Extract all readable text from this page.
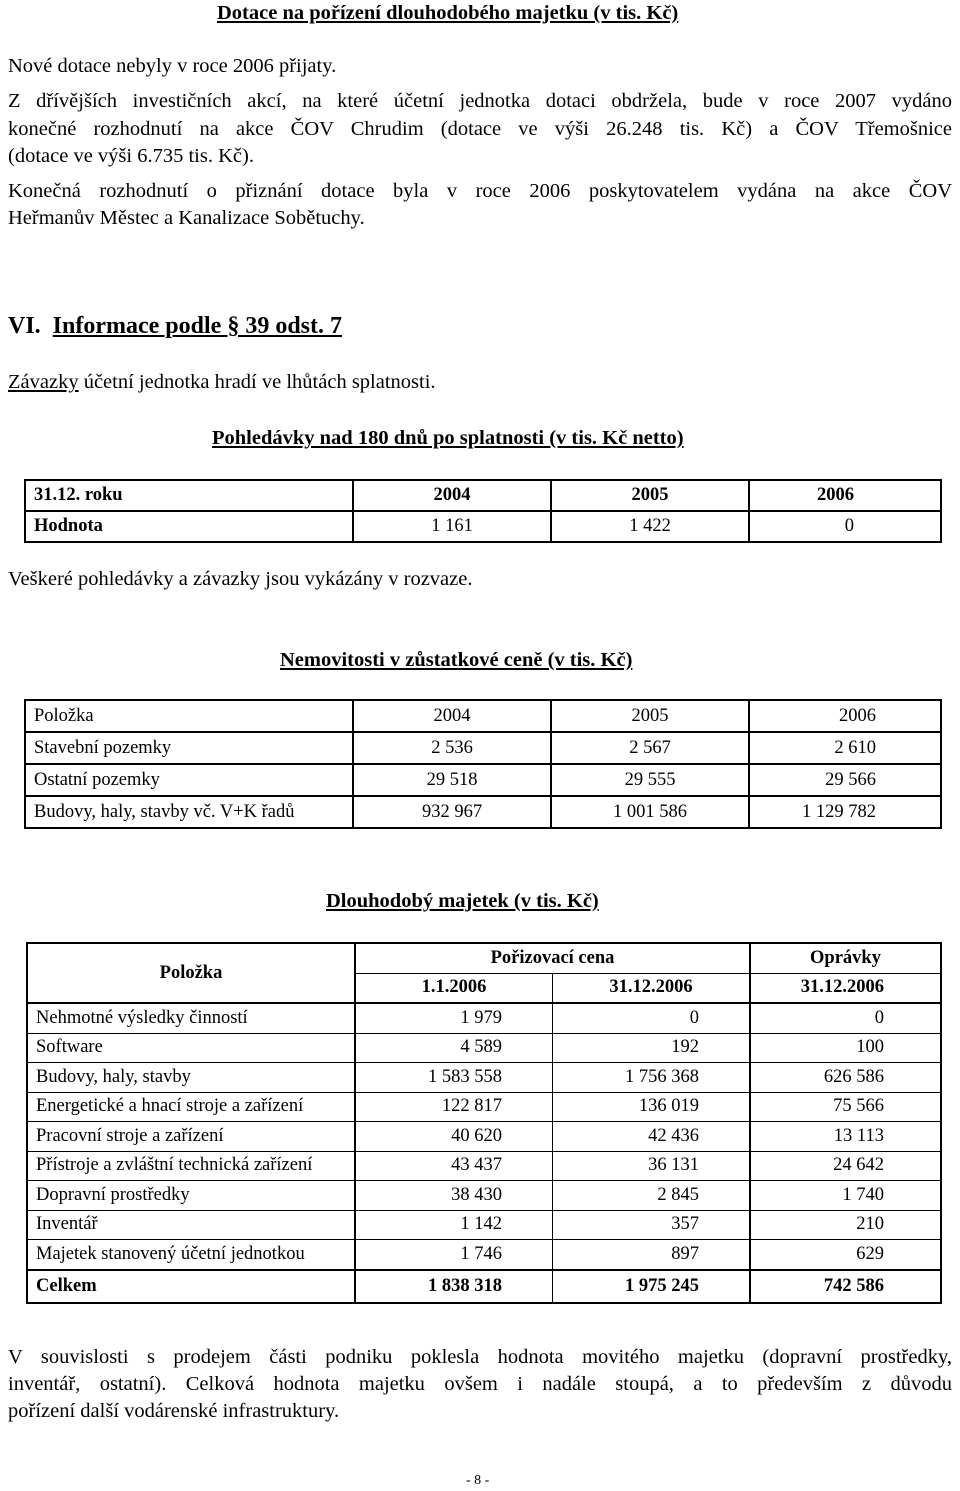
Dotace na pořízení dlouhodobého majetku (v tis. Kč)
Nové dotace nebyly v roce 2006 přijaty.
Z dřívějších investičních akcí, na které účetní jednotka dotaci obdržela, bude v roce 2007 vydáno
konečné rozhodnutí na akce ČOV Chrudim (dotace ve výši 26.248 tis. Kč) a ČOV Třemošnice
(dotace ve výši 6.735 tis. Kč).
Konečná rozhodnutí o přiznání dotace byla v roce 2006 poskytovatelem vydána na akce ČOV
Heřmanův Městec a Kanalizace Sobětuchy.
VI. Informace podle § 39 odst. 7
Závazky účetní jednotka hradí ve lhůtách splatnosti.
Pohledávky nad 180 dnů po splatnosti (v tis. Kč netto)
31.12. roku	2004	2005	2006
Hodnota	1 161	1 422	0
Veškeré pohledávky a závazky jsou vykázány v rozvaze.
Nemovitosti v zůstatkové ceně (v tis. Kč)
Položka	2004	2005	2006
Stavební pozemky	2 536	2 567	2 610
Ostatní pozemky	29 518	29 555	29 566
Budovy, haly, stavby vč. V+K řadů	932 967	1 001 586	1 129 782
Dlouhodobý majetek (v tis. Kč)
Položka	Pořizovací cena		Oprávky
	1.1.2006	31.12.2006	31.12.2006
Nehmotné výsledky činností	1 979	0	0
Software	4 589	192	100
Budovy, haly, stavby	1 583 558	1 756 368	626 586
Energetické a hnací stroje a zařízení	122 817	136 019	75 566
Pracovní stroje a zařízení	40 620	42 436	13 113
Přístroje a zvláštní technická zařízení	43 437	36 131	24 642
Dopravní prostředky	38 430	2 845	1 740
Inventář	1 142	357	210
Majetek stanovený účetní jednotkou	1 746	897	629
Celkem	1 838 318	1 975 245	742 586
V souvislosti s prodejem části podniku poklesla hodnota movitého majetku (dopravní prostředky,
inventář, ostatní). Celková hodnota majetku ovšem i nadále stoupá, a to především z důvodu
pořízení další vodárenské infrastruktury.
- 8 -
